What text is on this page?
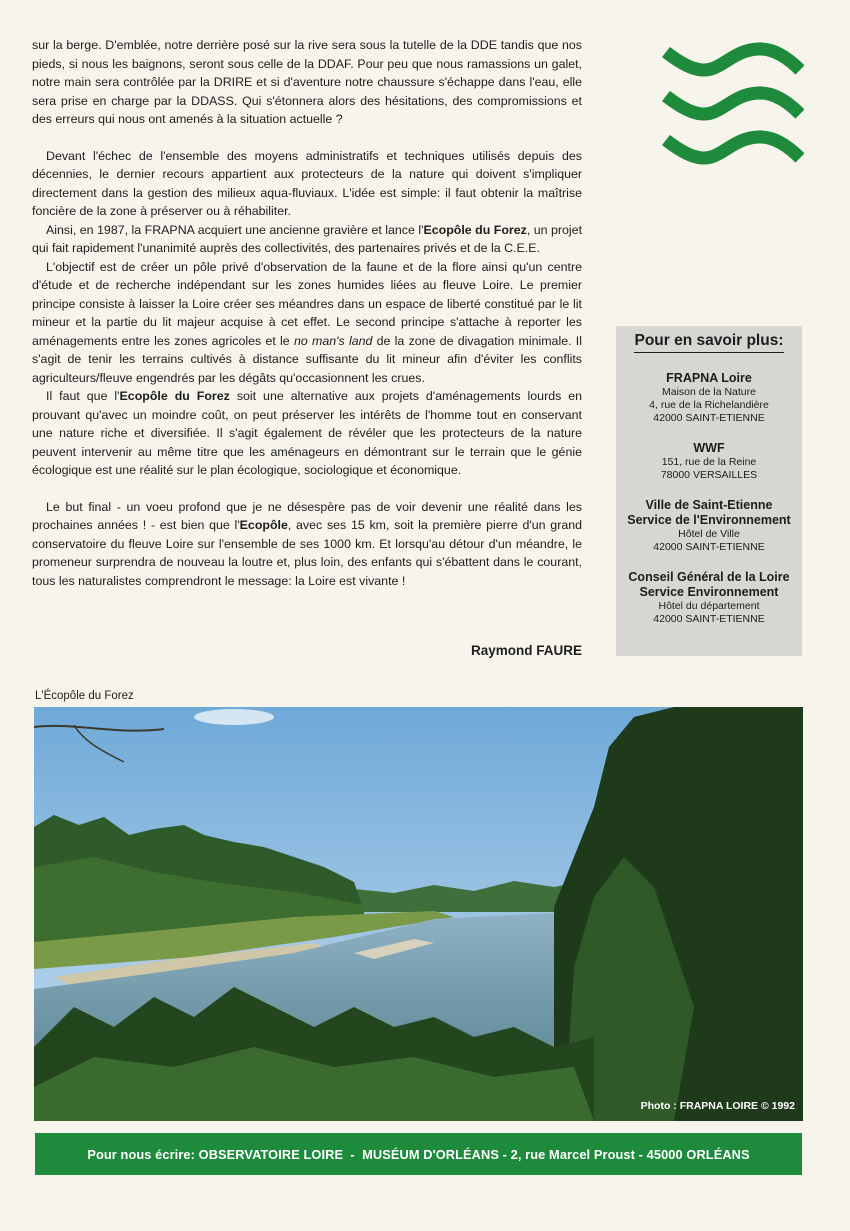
sur la berge. D'emblée, notre derrière posé sur la rive sera sous la tutelle de la DDE tandis que nos pieds, si nous les baignons, seront sous celle de la DDAF. Pour peu que nous ramassions un galet, notre main sera contrôlée par la DRIRE et si d'aventure notre chaussure s'échappe dans l'eau, elle sera prise en charge par la DDASS. Qui s'étonnera alors des hésitations, des compromissions et des erreurs qui nous ont amenés à la situation actuelle ?

Devant l'échec de l'ensemble des moyens administratifs et techniques utilisés depuis des décennies, le dernier recours appartient aux protecteurs de la nature qui doivent s'impliquer directement dans la gestion des milieux aqua-fluviaux. L'idée est simple: il faut obtenir la maîtrise foncière de la zone à préserver ou à réhabiliter.

Ainsi, en 1987, la FRAPNA acquiert une ancienne gravière et lance l'Ecopôle du Forez, un projet qui fait rapidement l'unanimité auprès des collectivités, des partenaires privés et de la C.E.E.

L'objectif est de créer un pôle privé d'observation de la faune et de la flore ainsi qu'un centre d'étude et de recherche indépendant sur les zones humides liées au fleuve Loire. Le premier principe consiste à laisser la Loire créer ses méandres dans un espace de liberté constitué par le lit mineur et la partie du lit majeur acquise à cet effet. Le second principe s'attache à reporter les aménagements entre les zones agricoles et le no man's land de la zone de divagation minimale. Il s'agit de tenir les terrains cultivés à distance suffisante du lit mineur afin d'éviter les conflits agriculteurs/fleuve engendrés par les dégâts qu'occasionnent les crues.

Il faut que l'Ecopôle du Forez soit une alternative aux projets d'aménagements lourds en prouvant qu'avec un moindre coût, on peut préserver les intérêts de l'homme tout en conservant une nature riche et diversifiée. Il s'agit également de révéler que les protecteurs de la nature peuvent intervenir au même titre que les aménageurs en démontrant sur le terrain que le génie écologique est une réalité sur le plan écologique, sociologique et économique.

Le but final - un voeu profond que je ne désespère pas de voir devenir une réalité dans les prochaines années ! - est bien que l'Ecopôle, avec ses 15 km, soit la première pierre d'un grand conservatoire du fleuve Loire sur l'ensemble de ses 1000 km. Et lorsqu'au détour d'un méandre, le promeneur surprendra de nouveau la loutre et, plus loin, des enfants qui s'ébattent dans le courant, tous les naturalistes comprendront le message: la Loire est vivante !

Raymond FAURE
Pour en savoir plus:
FRAPNA Loire
Maison de la Nature
4, rue de la Richelandière
42000 SAINT-ETIENNE
WWF
151, rue de la Reine
78000 VERSAILLES
Ville de Saint-Etienne
Service de l'Environnement
Hôtel de Ville
42000 SAINT-ETIENNE
Conseil Général de la Loire
Service Environnement
Hôtel du département
42000 SAINT-ETIENNE
L'Écopôle du Forez
Photo : FRAPNA LOIRE © 1992
Pour nous écrire: OBSERVATOIRE LOIRE  -  MUSÉUM D'ORLÉANS - 2, rue Marcel Proust - 45000 ORLÉANS
